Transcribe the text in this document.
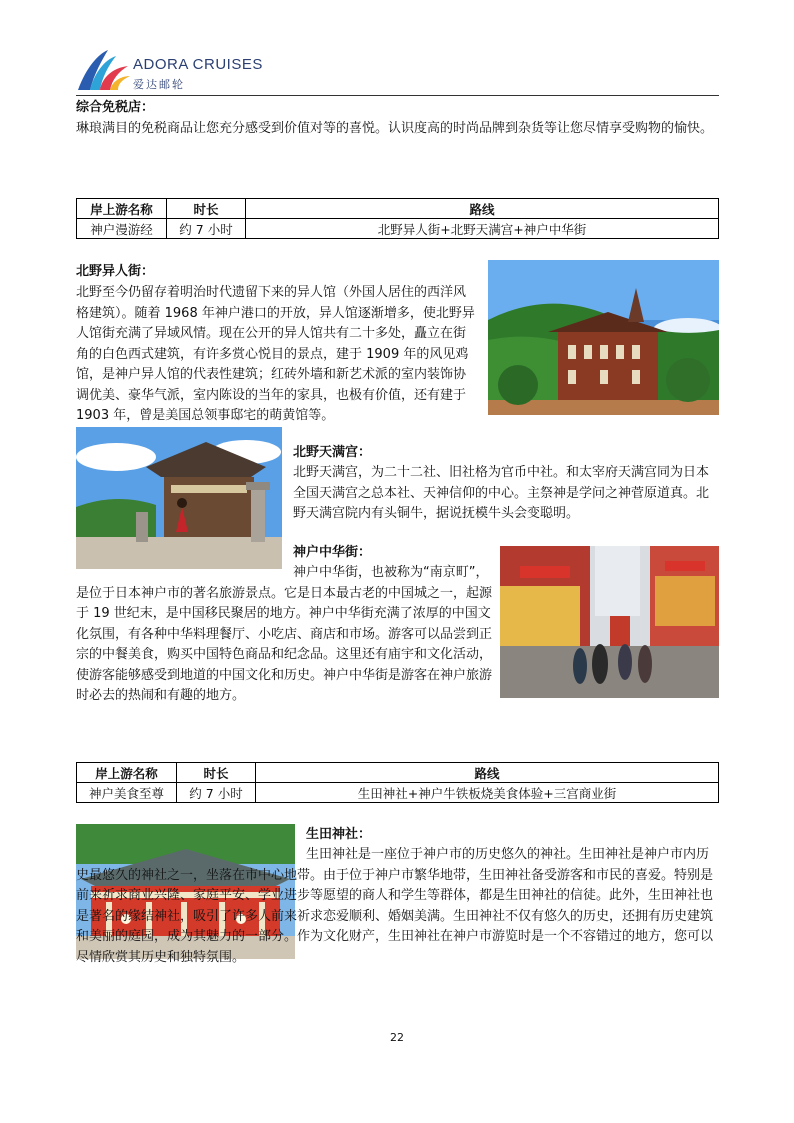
ADORA CRUISES
爱达邮轮
综合免税店：
琳琅满目的免税商品让您充分感受到价值对等的喜悦。认识度高的时尚品牌到杂货等让您尽情享受购物的愉快。
岸上游名称	时长	路线
神户漫游经	约 7 小时	北野异人街+北野天满宫+神户中华街
北野异人街：
北野至今仍留存着明治时代遗留下来的异人馆（外国人居住的西洋风格建筑）。随着 1968 年神户港口的开放，异人馆逐渐增多，使北野异人馆街充满了异域风情。现在公开的异人馆共有二十多处，矗立在街角的白色西式建筑，有许多赏心悦目的景点，建于 1909 年的风见鸡馆，是神户异人馆的代表性建筑；红砖外墙和新艺术派的室内装饰协调优美、豪华气派，室内陈设的当年的家具，也极有价值，还有建于 1903 年，曾是美国总领事邸宅的萌黄馆等。
北野天满宫：
北野天满宫，为二十二社、旧社格为官币中社。和太宰府天满宫同为日本全国天满宫之总本社、天神信仰的中心。主祭神是学问之神菅原道真。北野天满宫院内有头铜牛，据说抚模牛头会变聪明。
神户中华街：
神户中华街，也被称为“南京町”，是位于日本神户市的著名旅游景点。它是日本最古老的中国城之一，起源于 19 世纪末，是中国移民聚居的地方。神户中华街充满了浓厚的中国文化氛围，有各种中华料理餐厅、小吃店、商店和市场。游客可以品尝到正宗的中餐美食，购买中国特色商品和纪念品。这里还有庙宇和文化活动，使游客能够感受到地道的中国文化和历史。神户中华街是游客在神户旅游时必去的热闹和有趣的地方。
岸上游名称	时长	路线
神户美食至尊	约 7 小时	生田神社+神户牛铁板烧美食体验+三宫商业街
生田神社：
生田神社是一座位于神户市的历史悠久的神社。生田神社是神户市内历史最悠久的神社之一，坐落在市中心地带。由于位于神户市繁华地带，生田神社备受游客和市民的喜爱。特别是前来祈求商业兴隆、家庭平安、学业进步等愿望的商人和学生等群体，都是生田神社的信徒。此外，生田神社也是著名的缘结神社，吸引了许多人前来祈求恋爱顺利、婚姻美满。生田神社不仅有悠久的历史，还拥有历史建筑和美丽的庭园，成为其魅力的一部分。作为文化财产，生田神社在神户市游览时是一个不容错过的地方，您可以尽情欣赏其历史和独特氛围。
22
